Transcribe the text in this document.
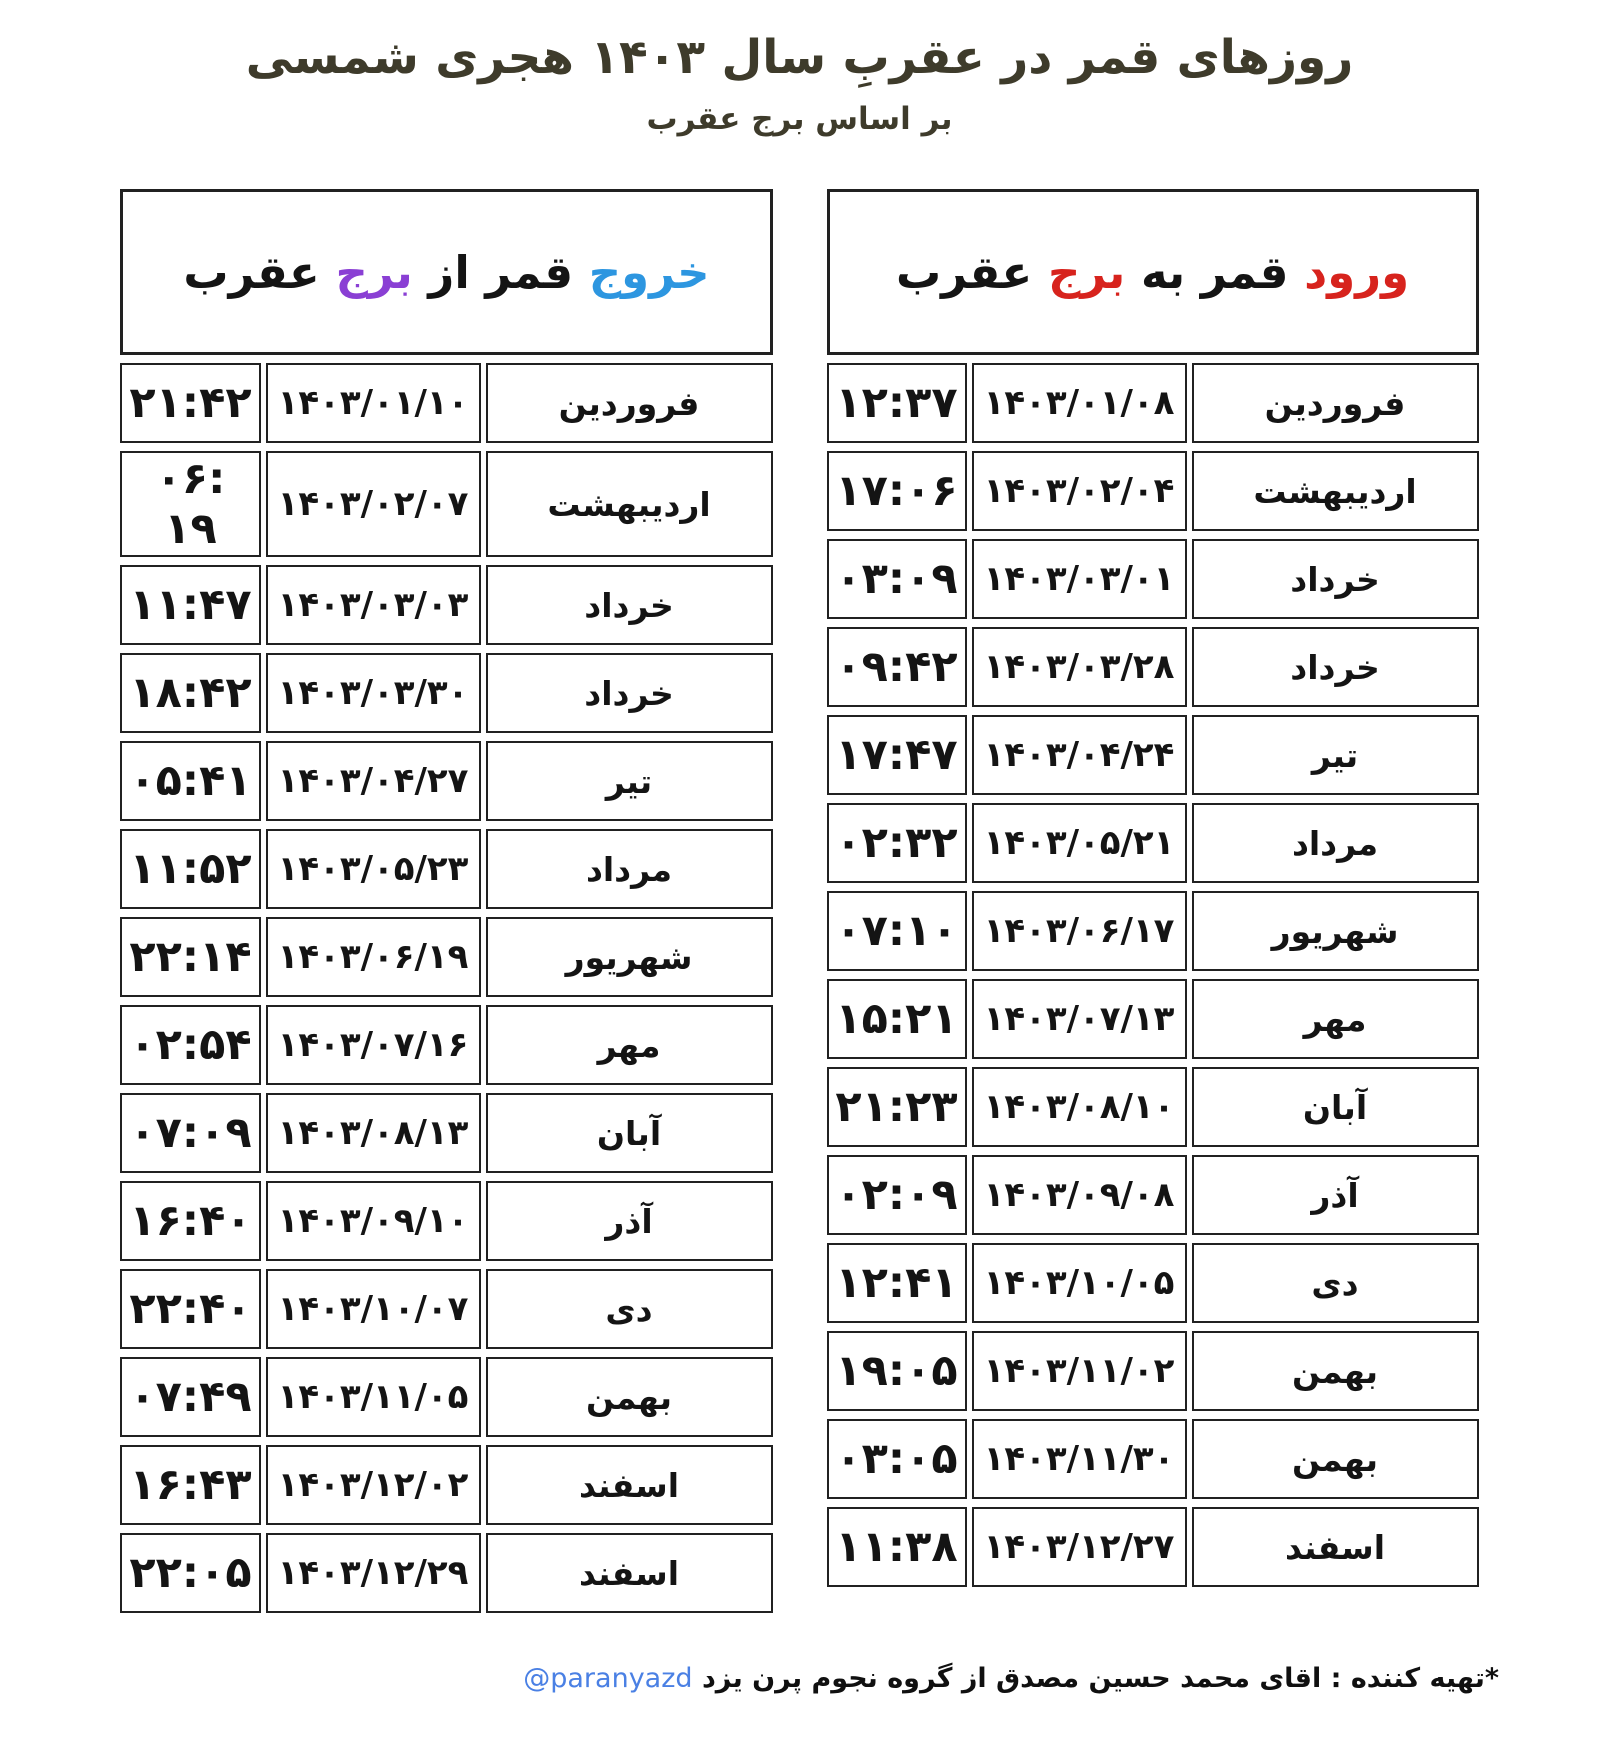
روزهای قمر در عقربِ سال ۱۴۰۳ هجری شمسی
بر اساس برج عقرب
ورود قمر به برج عقرب		
فروردین	۱۴۰۳/۰۱/۰۸	۱۲:۳۷
اردیبهشت	۱۴۰۳/۰۲/۰۴	۱۷:۰۶
خرداد	۱۴۰۳/۰۳/۰۱	۰۳:۰۹
خرداد	۱۴۰۳/۰۳/۲۸	۰۹:۴۲
تیر	۱۴۰۳/۰۴/۲۴	۱۷:۴۷
مرداد	۱۴۰۳/۰۵/۲۱	۰۲:۳۲
شهریور	۱۴۰۳/۰۶/۱۷	۰۷:۱۰
مهر	۱۴۰۳/۰۷/۱۳	۱۵:۲۱
آبان	۱۴۰۳/۰۸/۱۰	۲۱:۲۳
آذر	۱۴۰۳/۰۹/۰۸	۰۲:۰۹
دی	۱۴۰۳/۱۰/۰۵	۱۲:۴۱
بهمن	۱۴۰۳/۱۱/۰۲	۱۹:۰۵
بهمن	۱۴۰۳/۱۱/۳۰	۰۳:۰۵
اسفند	۱۴۰۳/۱۲/۲۷	۱۱:۳۸
خروج قمر از برج عقرب		
فروردین	۱۴۰۳/۰۱/۱۰	۲۱:۴۲
اردیبهشت	۱۴۰۳/۰۲/۰۷	۰۶: ۱۹
خرداد	۱۴۰۳/۰۳/۰۳	۱۱:۴۷
خرداد	۱۴۰۳/۰۳/۳۰	۱۸:۴۲
تیر	۱۴۰۳/۰۴/۲۷	۰۵:۴۱
مرداد	۱۴۰۳/۰۵/۲۳	۱۱:۵۲
شهریور	۱۴۰۳/۰۶/۱۹	۲۲:۱۴
مهر	۱۴۰۳/۰۷/۱۶	۰۲:۵۴
آبان	۱۴۰۳/۰۸/۱۳	۰۷:۰۹
آذر	۱۴۰۳/۰۹/۱۰	۱۶:۴۰
دی	۱۴۰۳/۱۰/۰۷	۲۲:۴۰
بهمن	۱۴۰۳/۱۱/۰۵	۰۷:۴۹
اسفند	۱۴۰۳/۱۲/۰۲	۱۶:۴۳
اسفند	۱۴۰۳/۱۲/۲۹	۲۲:۰۵
*تهیه کننده : اقای محمد حسین مصدق از گروه نجوم پرن یزد @paranyazd
